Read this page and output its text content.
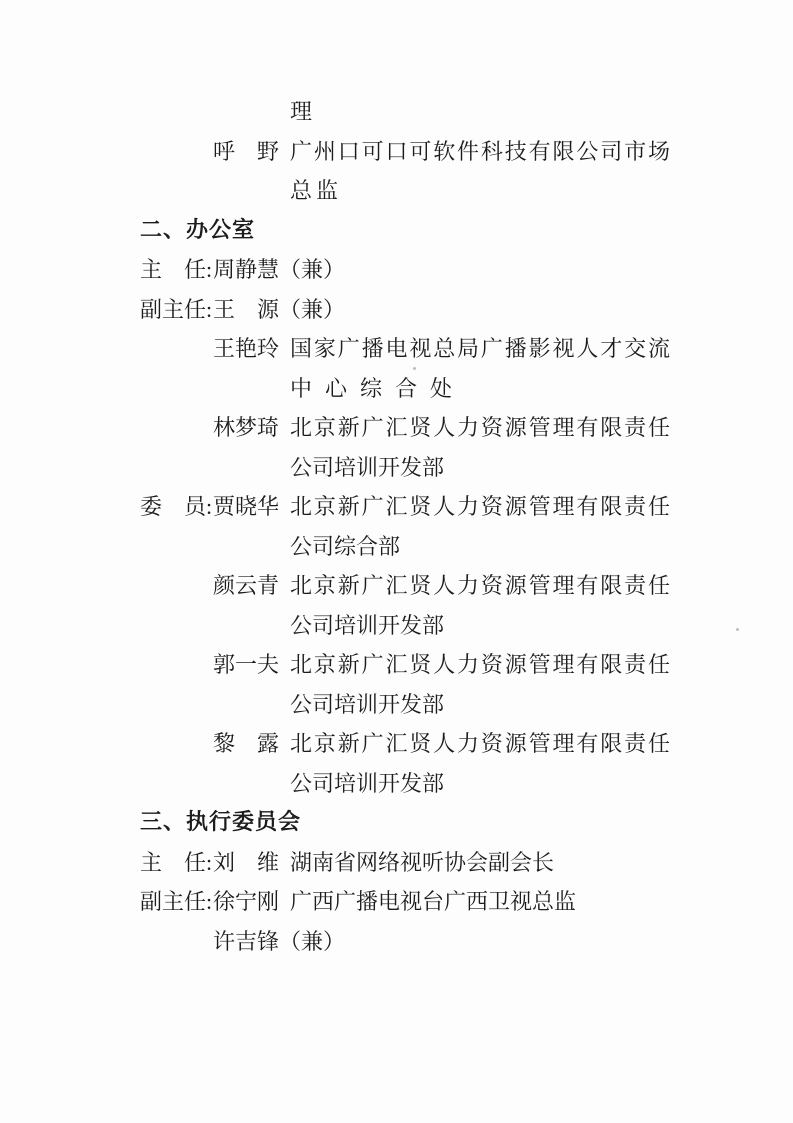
理
呼　野 广州口可口可软件科技有限公司市场
总监
二、办公室
主　任: 周静慧（兼）
副主任: 王　源（兼）
王艳玲 国家广播电视总局广播影视人才交流
中心综合处
林梦琦 北京新广汇贤人力资源管理有限责任
公司培训开发部
委　员: 贾晓华 北京新广汇贤人力资源管理有限责任
公司综合部
颜云青 北京新广汇贤人力资源管理有限责任
公司培训开发部
郭一夫 北京新广汇贤人力资源管理有限责任
公司培训开发部
黎　露 北京新广汇贤人力资源管理有限责任
公司培训开发部
三、执行委员会
主　任: 刘　维 湖南省网络视听协会副会长
副主任: 徐宁刚 广西广播电视台广西卫视总监
许吉锋（兼）
